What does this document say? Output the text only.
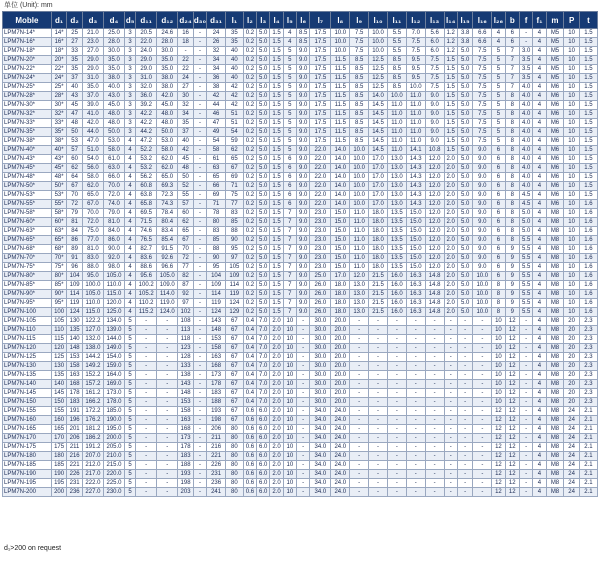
单位 (Unit): mm
Moble	d₁	d₂	d₃	d₄	d₅	d₁₁	d₁₂	d₂₄	d₃₀	d₃₁	l₁	l₂	l₃	l₄	l₅	l₆	l₇	l₈	l₉	l₁₀	l₁₁	l₁₂	l₁₃	l₁₄	l₁₅	l₁₆	l₂₆	b	f	f₁	m	P	t
LPM7N-14*	14*	25	21.0	25.0	3	20.5	24.6	16	-	24	35	0.2	5.0	1.5	4	8.5	17.5	10.0	7.5	10.0	5.5	7.0	5.6	1.2	3.8	6.6	4	6	-	4	M5	10	1.5
LPM7N-16*	16*	27	23.0	28.0	3	22.0	28.0	18	-	26	35	0.2	5.0	1.5	4	8.5	17.5	10.0	7.5	10.0	5.5	7.5	6.0	1.2	3.8	6.6	4	6	-	4	M5	10	1.5
LPM7N-18*	18*	33	27.0	30.0	3	24.0	30.0	-	-	32	40	0.2	5.0	1.5	5	9.0	17.5	10.0	7.5	10.0	5.5	7.5	6.0	1.2	5.0	7.5	5	7	3.0	4	M5	10	1.5
LPM7N-20*	20*	35	29.0	35.0	3	29.0	35.0	22	-	34	40	0.2	5.0	1.5	5	9.0	17.5	11.5	8.5	12.5	8.5	9.5	7.5	1.5	5.0	7.5	5	7	3.5	4	M5	10	1.5
LPM7N-22*	22*	35	29.0	35.0	3	29.0	35.0	22	-	34	40	0.2	5.0	1.5	5	9.0	17.5	11.5	8.5	12.5	8.5	9.5	7.5	1.5	5.0	7.5	5	7	3.5	4	M5	10	1.5
LPM7N-24*	24*	37	31.0	38.0	3	31.0	38.0	24	-	36	40	0.2	5.0	1.5	5	9.0	17.5	11.5	8.5	12.5	8.5	9.5	7.5	1.5	5.0	7.5	5	7	3.5	4	M5	10	1.5
LPM7N-25*	25*	40	35.0	40.0	3	32.0	38.0	27	-	38	42	0.2	5.0	1.5	5	9.0	17.5	11.5	8.5	12.5	8.5	10.0	7.5	1.5	5.0	7.5	5	7	4.0	4	M6	10	1.5
LPM7N-28*	28*	43	37.0	43.0	3	36.0	42.0	30	-	42	42	0.2	5.0	1.5	5	9.0	17.5	11.5	8.5	14.0	10.0	11.0	9.0	1.5	5.0	7.5	5	8	4.0	4	M6	10	1.5
LPM7N-30*	30*	45	39.0	45.0	3	39.2	45.0	32	-	44	42	0.2	5.0	1.5	5	9.0	17.5	11.5	8.5	14.5	11.0	11.0	9.0	1.5	5.0	7.5	5	8	4.0	4	M6	10	1.5
LPM7N-32*	32*	47	41.0	48.0	3	42.2	48.0	34	-	46	51	0.2	5.0	1.5	5	9.0	17.5	11.5	8.5	14.5	11.0	11.0	9.0	1.5	5.0	7.5	5	8	4.0	4	M6	10	1.5
LPM7N-33*	33*	48	42.0	48.0	3	42.2	48.0	35	-	47	51	0.2	5.0	1.5	5	9.0	17.5	11.5	8.5	14.5	11.0	11.0	9.0	1.5	5.0	7.5	5	8	4.0	4	M6	10	1.5
LPM7N-35*	35*	50	44.0	50.0	3	44.2	50.0	37	-	49	54	0.2	5.0	1.5	5	9.0	17.5	11.5	8.5	14.5	11.0	11.0	9.0	1.5	5.0	7.5	5	8	4.0	4	M6	10	1.5
LPM7N-38*	38*	53	47.0	53.0	4	47.2	53.0	40	-	54	59	0.2	5.0	1.5	5	9.0	17.5	11.5	8.5	14.5	11.0	11.0	9.0	1.5	5.0	7.5	5	8	4.0	4	M6	10	1.5
LPM7N-40*	40*	57	51.0	58.0	4	52.2	58.0	42	-	58	62	0.2	5.0	1.5	5	9.0	22.0	14.0	10.0	14.5	11.0	14.1	10.8	1.5	5.0	9.0	6	8	4.0	4	M6	10	1.5
LPM7N-43*	43*	60	54.0	61.0	4	53.2	62.0	45	-	61	65	0.2	5.0	1.5	6	9.0	22.0	14.0	10.0	17.0	13.0	14.3	12.0	2.0	5.0	9.0	6	8	4.0	4	M6	10	1.5
LPM7N-45*	45*	62	56.0	63.0	4	53.2	62.0	48	-	63	67	0.2	5.0	1.5	6	9.0	22.0	14.0	10.0	17.0	13.0	14.3	12.0	2.0	5.0	9.0	6	8	4.0	4	M6	10	1.5
LPM7N-48*	48*	64	58.0	66.0	4	56.2	65.0	50	-	65	69	0.2	5.0	1.5	6	9.0	22.0	14.0	10.0	17.0	13.0	14.3	12.0	2.0	5.0	9.0	6	8	4.0	4	M6	10	1.5
LPM7N-50*	50*	67	62.0	70.0	4	60.8	69.3	52	-	66	71	0.2	5.0	1.5	6	9.0	22.0	14.0	10.0	17.0	13.0	14.3	12.0	2.0	5.0	9.0	6	8	4.0	4	M6	10	1.5
LPM7N-53*	53*	70	65.0	72.0	4	63.8	72.3	55	-	69	75	0.2	5.0	1.5	6	9.0	22.0	14.0	10.0	17.0	13.0	14.3	12.0	2.0	5.0	9.0	6	8	4.5	4	M6	10	1.5
LPM7N-55*	55*	72	67.0	74.0	4	65.8	74.3	57	-	71	77	0.2	5.0	1.5	6	9.0	22.0	14.0	10.0	17.0	13.0	14.3	12.0	2.0	5.0	9.0	6	8	4.5	4	M6	10	1.6
LPM7N-58*	58*	79	70.0	79.0	4	69.5	78.4	60	-	78	83	0.2	5.0	1.5	7	9.0	23.0	15.0	11.0	18.0	13.5	15.0	12.0	2.0	5.0	9.0	6	8	5.0	4	M8	10	1.6
LPM7N-60*	60*	81	72.0	81.0	4	71.5	80.4	62	-	80	85	0.2	5.0	1.5	7	9.0	23.0	15.0	11.0	18.0	13.5	15.0	12.0	2.0	5.0	9.0	6	8	5.0	4	M8	10	1.6
LPM7N-63*	63*	84	75.0	84.0	4	74.6	83.4	65	-	83	88	0.2	5.0	1.5	7	9.0	23.0	15.0	11.0	18.0	13.5	15.0	12.0	2.0	5.0	9.0	6	8	5.0	4	M8	10	1.6
LPM7N-65*	65*	86	77.0	86.0	4	76.5	85.4	67	-	85	90	0.2	5.0	1.5	7	9.0	23.0	15.0	11.0	18.0	13.5	15.0	12.0	2.0	5.0	9.0	6	8	5.5	4	M8	10	1.6
LPM7N-68*	68*	89	81.0	90.0	4	82.7	91.5	70	-	88	95	0.2	5.0	1.5	7	9.0	23.0	15.0	11.0	18.0	13.5	15.0	12.0	2.0	5.0	9.0	6	9	5.5	4	M8	10	1.6
LPM7N-70*	70*	91	83.0	92.0	4	83.6	92.6	72	-	90	97	0.2	5.0	1.5	7	9.0	23.0	15.0	11.0	18.0	13.5	15.0	12.0	2.0	5.0	9.0	6	9	5.5	4	M8	10	1.6
LPM7N-75*	75*	96	88.0	98.0	4	88.6	96.6	77	-	95	105	0.2	5.0	1.5	7	9.0	23.0	15.0	11.0	18.0	13.5	15.0	12.0	2.0	5.0	9.0	6	9	5.5	4	M8	10	1.6
LPM7N-80*	80*	104	95.0	105.0	4	95.6	105.0	82	-	104	109	0.2	5.0	1.5	7	9.0	25.0	17.0	12.0	21.5	16.0	16.3	14.8	2.0	5.0	10.0	6	9	5.5	4	M8	10	1.6
LPM7N-85*	85*	109	100.0	110.0	4	100.2	109.0	87	-	109	114	0.2	5.0	1.5	7	9.0	26.0	18.0	13.0	21.5	16.0	16.3	14.8	2.0	5.0	10.0	8	9	5.5	4	M8	10	1.6
LPM7N-90*	90*	114	105.0	115.0	4	105.2	114.0	92	-	114	119	0.2	5.0	1.5	7	9.0	26.0	18.0	13.0	21.5	16.0	16.3	14.8	2.0	5.0	10.0	8	9	5.5	4	M8	10	1.6
LPM7N-95*	95*	119	110.0	120.0	4	110.2	119.0	97	-	119	124	0.2	5.0	1.5	7	9.0	26.0	18.0	13.0	21.5	16.0	16.3	14.8	2.0	5.0	10.0	8	9	5.5	4	M8	10	1.6
LPM7N-100	100	124	115.0	125.0	4	115.2	124.0	102	-	124	129	0.2	5.0	1.5	7	9.0	26.0	18.0	13.0	21.5	16.0	16.3	14.8	2.0	5.0	10.0	8	9	5.5	4	M8	10	1.6
LPM7N-105	105	130	122.2	134.0	5	-	-	108	-	143	67	0.4	7.0	2.0	10	-	30.0	20.0	-	-	-	-	-	-	-	-	10	12	-	4	M8	20	2.3
LPM7N-110	110	135	127.0	139.0	5	-	-	113	-	148	67	0.4	7.0	2.0	10	-	30.0	20.0	-	-	-	-	-	-	-	-	10	12	-	4	M8	20	2.3
LPM7N-115	115	140	132.0	144.0	5	-	-	118	-	153	67	0.4	7.0	2.0	10	-	30.0	20.0	-	-	-	-	-	-	-	-	10	12	-	4	M8	20	2.3
LPM7N-120	120	148	138.0	149.0	5	-	-	123	-	158	67	0.4	7.0	2.0	10	-	30.0	20.0	-	-	-	-	-	-	-	-	10	12	-	4	M8	20	2.3
LPM7N-125	125	153	144.2	154.0	5	-	-	128	-	163	67	0.4	7.0	2.0	10	-	30.0	20.0	-	-	-	-	-	-	-	-	10	12	-	4	M8	20	2.3
LPM7N-130	130	158	149.2	159.0	5	-	-	133	-	168	67	0.4	7.0	2.0	10	-	30.0	20.0	-	-	-	-	-	-	-	-	10	12	-	4	M8	20	2.3
LPM7N-135	135	163	152.2	164.0	5	-	-	138	-	173	67	0.4	7.0	2.0	10	-	30.0	20.0	-	-	-	-	-	-	-	-	10	12	-	4	M8	20	2.3
LPM7N-140	140	168	157.2	169.0	5	-	-	143	-	178	67	0.4	7.0	2.0	10	-	30.0	20.0	-	-	-	-	-	-	-	-	10	12	-	4	M8	20	2.3
LPM7N-145	145	178	161.2	173.0	5	-	-	148	-	183	67	0.4	7.0	2.0	10	-	30.0	20.0	-	-	-	-	-	-	-	-	10	12	-	4	M8	20	2.3
LPM7N-150	150	183	166.2	178.0	5	-	-	153	-	188	67	0.4	7.0	2.0	10	-	30.0	20.0	-	-	-	-	-	-	-	-	10	12	-	4	M8	20	2.3
LPM7N-155	155	191	172.2	185.0	5	-	-	158	-	193	67	0.6	6.0	2.0	10	-	34.0	24.0	-	-	-	-	-	-	-	-	12	12	-	4	M8	24	2.1
LPM7N-160	160	196	176.2	190.0	5	-	-	163	-	198	67	0.6	6.0	2.0	10	-	34.0	24.0	-	-	-	-	-	-	-	-	12	12	-	4	M8	24	2.1
LPM7N-165	165	201	181.2	195.0	5	-	-	168	-	206	80	0.6	6.0	2.0	10	-	34.0	24.0	-	-	-	-	-	-	-	-	12	12	-	4	M8	24	2.1
LPM7N-170	170	206	186.2	200.0	5	-	-	173	-	211	80	0.6	6.0	2.0	10	-	34.0	24.0	-	-	-	-	-	-	-	-	12	12	-	4	M8	24	2.1
LPM7N-175	175	211	191.2	205.0	5	-	-	178	-	216	80	0.6	6.0	2.0	10	-	34.0	24.0	-	-	-	-	-	-	-	-	12	12	-	4	M8	24	2.1
LPM7N-180	180	216	207.0	210.0	5	-	-	183	-	221	80	0.6	6.0	2.0	10	-	34.0	24.0	-	-	-	-	-	-	-	-	12	12	-	4	M8	24	2.1
LPM7N-185	185	221	212.0	215.0	5	-	-	188	-	226	80	0.6	6.0	2.0	10	-	34.0	24.0	-	-	-	-	-	-	-	-	12	12	-	4	M8	24	2.1
LPM7N-190	190	226	217.0	220.0	5	-	-	193	-	231	80	0.6	6.0	2.0	10	-	34.0	24.0	-	-	-	-	-	-	-	-	12	12	-	4	M8	24	2.1
LPM7N-195	195	231	222.0	225.0	5	-	-	198	-	236	80	0.6	6.0	2.0	10	-	34.0	24.0	-	-	-	-	-	-	-	-	12	12	-	4	M8	24	2.1
LPM7N-200	200	236	227.0	230.0	5	-	-	203	-	241	80	0.6	6.0	2.0	10	-	34.0	24.0	-	-	-	-	-	-	-	-	12	12	-	4	M8	24	2.1
d₁>200 on request
